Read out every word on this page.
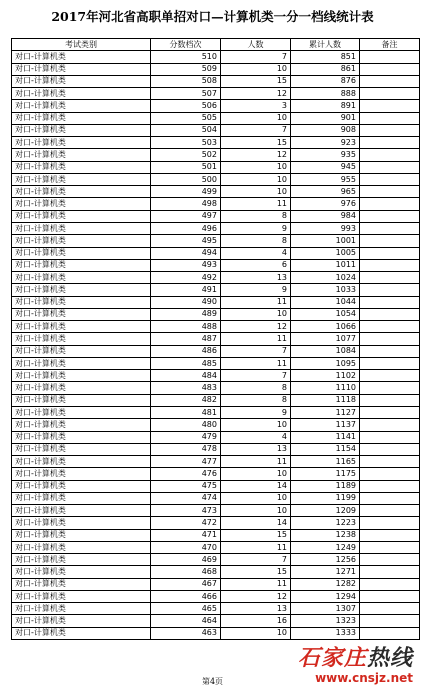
2017年河北省高职单招对口—计算机类一分一档线统计表
考试类别	分数档次	人数	累计人数	备注
对口-计算机类	510	7	851	
对口-计算机类	509	10	861	
对口-计算机类	508	15	876	
对口-计算机类	507	12	888	
对口-计算机类	506	3	891	
对口-计算机类	505	10	901	
对口-计算机类	504	7	908	
对口-计算机类	503	15	923	
对口-计算机类	502	12	935	
对口-计算机类	501	10	945	
对口-计算机类	500	10	955	
对口-计算机类	499	10	965	
对口-计算机类	498	11	976	
对口-计算机类	497	8	984	
对口-计算机类	496	9	993	
对口-计算机类	495	8	1001	
对口-计算机类	494	4	1005	
对口-计算机类	493	6	1011	
对口-计算机类	492	13	1024	
对口-计算机类	491	9	1033	
对口-计算机类	490	11	1044	
对口-计算机类	489	10	1054	
对口-计算机类	488	12	1066	
对口-计算机类	487	11	1077	
对口-计算机类	486	7	1084	
对口-计算机类	485	11	1095	
对口-计算机类	484	7	1102	
对口-计算机类	483	8	1110	
对口-计算机类	482	8	1118	
对口-计算机类	481	9	1127	
对口-计算机类	480	10	1137	
对口-计算机类	479	4	1141	
对口-计算机类	478	13	1154	
对口-计算机类	477	11	1165	
对口-计算机类	476	10	1175	
对口-计算机类	475	14	1189	
对口-计算机类	474	10	1199	
对口-计算机类	473	10	1209	
对口-计算机类	472	14	1223	
对口-计算机类	471	15	1238	
对口-计算机类	470	11	1249	
对口-计算机类	469	7	1256	
对口-计算机类	468	15	1271	
对口-计算机类	467	11	1282	
对口-计算机类	466	12	1294	
对口-计算机类	465	13	1307	
对口-计算机类	464	16	1323	
对口-计算机类	463	10	1333	
第4页
石家庄热线
www.cnsjz.net
